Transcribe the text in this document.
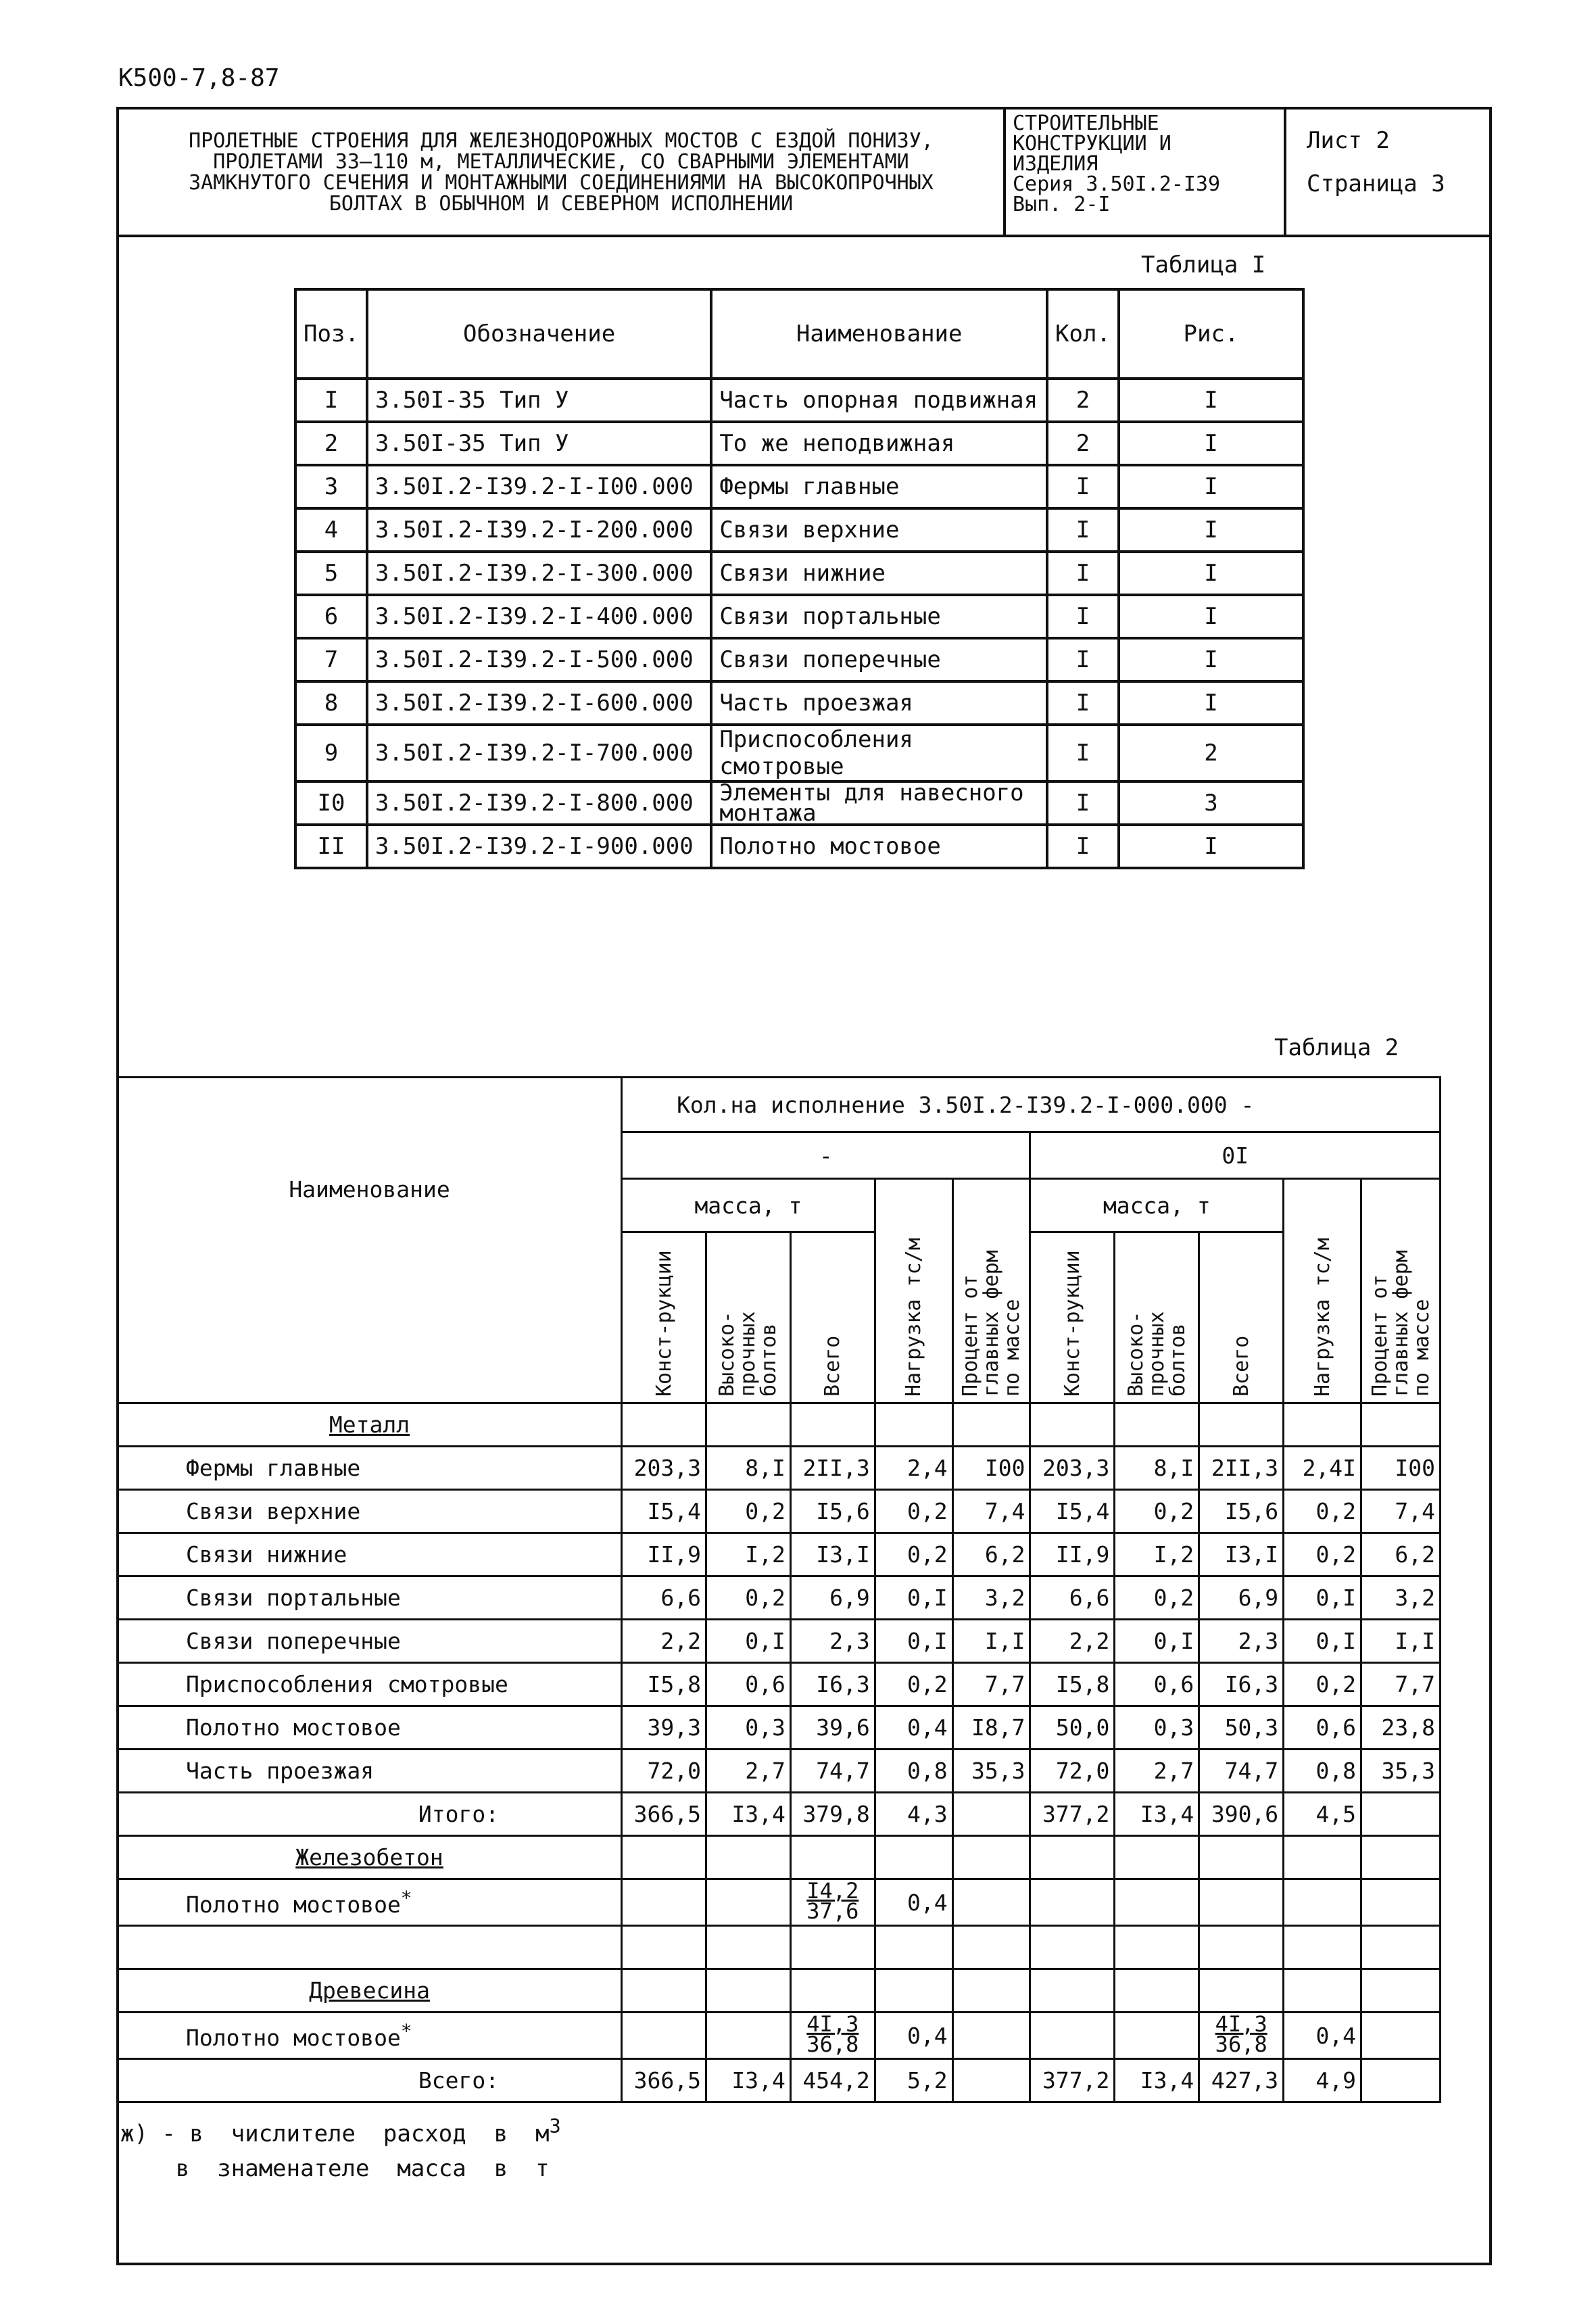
К500-7,8-87
ПРОЛЕТНЫЕ СТРОЕНИЯ ДЛЯ ЖЕЛЕЗНОДОРОЖНЫХ МОСТОВ С ЕЗДОЙ ПОНИЗУ,
ПРОЛЕТАМИ 33–110 м, МЕТАЛЛИЧЕСКИЕ, СО СВАРНЫМИ ЭЛЕМЕНТАМИ
ЗАМКНУТОГО СЕЧЕНИЯ И МОНТАЖНЫМИ СОЕДИНЕНИЯМИ НА ВЫСОКОПРОЧНЫХ
БОЛТАХ В ОБЫЧНОМ И СЕВЕРНОМ ИСПОЛНЕНИИ
СТРОИТЕЛЬНЫЕ
КОНСТРУКЦИИ И
ИЗДЕЛИЯ
Серия 3.50I.2-I39
Вып. 2-I
Лист 2
Страница 3
Таблица I
Поз.	Обозначение	Наименование	Кол.	Рис.
I	3.50I-35 Тип У	Часть опорная подвижная	2	I
2	3.50I-35 Тип У	То же неподвижная	2	I
3	3.50I.2-I39.2-I-I00.000	Фермы главные	I	I
4	3.50I.2-I39.2-I-200.000	Связи верхние	I	I
5	3.50I.2-I39.2-I-300.000	Связи нижние	I	I
6	3.50I.2-I39.2-I-400.000	Связи портальные	I	I
7	3.50I.2-I39.2-I-500.000	Связи поперечные	I	I
8	3.50I.2-I39.2-I-600.000	Часть проезжая	I	I
9	3.50I.2-I39.2-I-700.000	Приспособления смотровые	I	2
I0	3.50I.2-I39.2-I-800.000	Элементы для навесного монтажа	I	3
II	3.50I.2-I39.2-I-900.000	Полотно мостовое	I	I
Таблица 2
Наименование	Кол.на исполнение 3.50I.2-I39.2-I-000.000 -									
	-					0I				
	масса, т			Нагрузка тс/м	Процент от главных ферм по массе	масса, т			Нагрузка тс/м	Процент от главных ферм по массе
	Конст-рукции	Высоко-прочных болтов	Всего			Конст-рукции	Высоко-прочных болтов	Всего		
Металл										
Фермы главные	203,3	8,I	2II,3	2,4	I00	203,3	8,I	2II,3	2,4I	I00
Связи верхние	I5,4	0,2	I5,6	0,2	7,4	I5,4	0,2	I5,6	0,2	7,4
Связи нижние	II,9	I,2	I3,I	0,2	6,2	II,9	I,2	I3,I	0,2	6,2
Связи портальные	6,6	0,2	6,9	0,I	3,2	6,6	0,2	6,9	0,I	3,2
Связи поперечные	2,2	0,I	2,3	0,I	I,I	2,2	0,I	2,3	0,I	I,I
Приспособления смотровые	I5,8	0,6	I6,3	0,2	7,7	I5,8	0,6	I6,3	0,2	7,7
Полотно мостовое	39,3	0,3	39,6	0,4	I8,7	50,0	0,3	50,3	0,6	23,8
Часть проезжая	72,0	2,7	74,7	0,8	35,3	72,0	2,7	74,7	0,8	35,3
Итого:	366,5	I3,4	379,8	4,3		377,2	I3,4	390,6	4,5	
Железобетон										
Полотно мостовое*			$\frac{I4,2}{37,6}$	0,4						

Древесина										
Полотно мостовое*			$\frac{4I,3}{36,8}$	0,4				$\frac{4I,3}{36,8}$	0,4	
Всего:	366,5	I3,4	454,2	5,2		377,2	I3,4	427,3	4,9	
ж) - в  числителе  расход  в  $м^3$
в  знаменателе  масса  в  т
